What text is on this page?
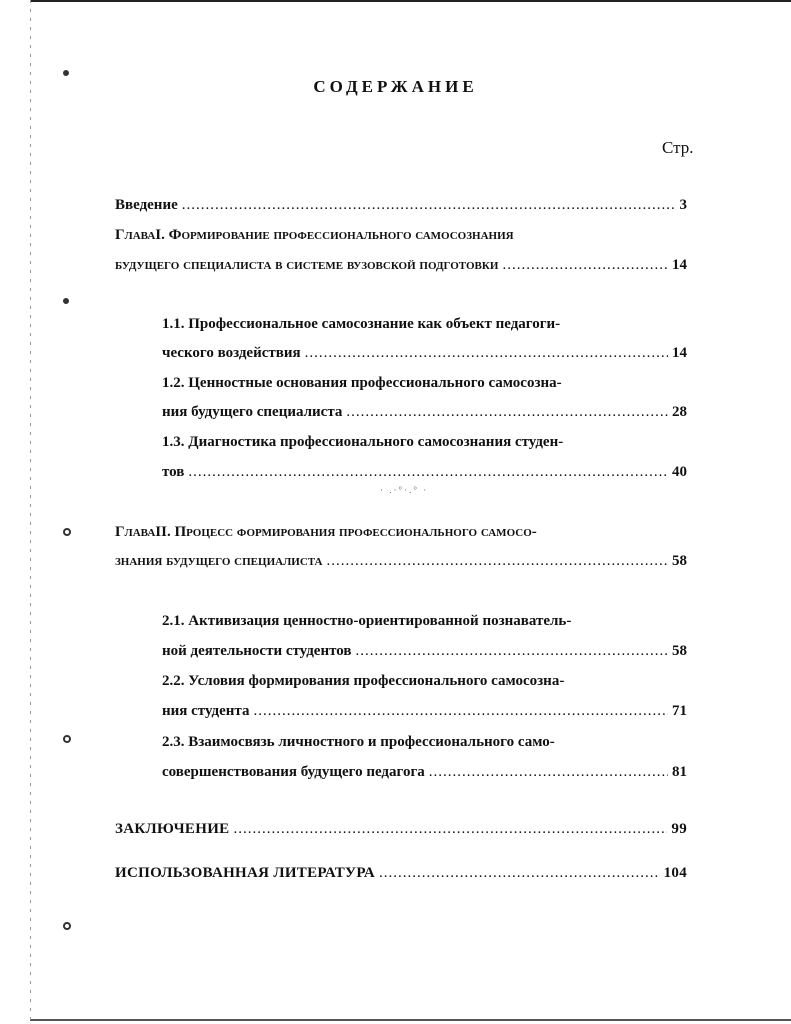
· .·°·.° ·
СОДЕРЖАНИЕ
Стр.
Введение .....	3
ГлаваI. Формирование профессионального самосознания
будущего специалиста в системе вузовской подготовки .....	14
1.1. Профессиональное самосознание как объект педагоги-
ческого воздействия .....	14
1.2. Ценностные основания профессионального самосозна-
ния будущего специалиста .....	28
1.3. Диагностика профессионального самосознания студен-
тов .....	40
ГлаваII. Процесс формирования профессионального самосо-
знания будущего специалиста .....	58
2.1. Активизация ценностно-ориентированной познаватель-
ной деятельности студентов .....	58
2.2. Условия формирования профессионального самосозна-
ния студента .....	71
2.3. Взаимосвязь личностного и профессионального само-
совершенствования будущего педагога .....	81
ЗАКЛЮЧЕНИЕ .....	99
ИСПОЛЬЗОВАННАЯ ЛИТЕРАТУРА .....	104
